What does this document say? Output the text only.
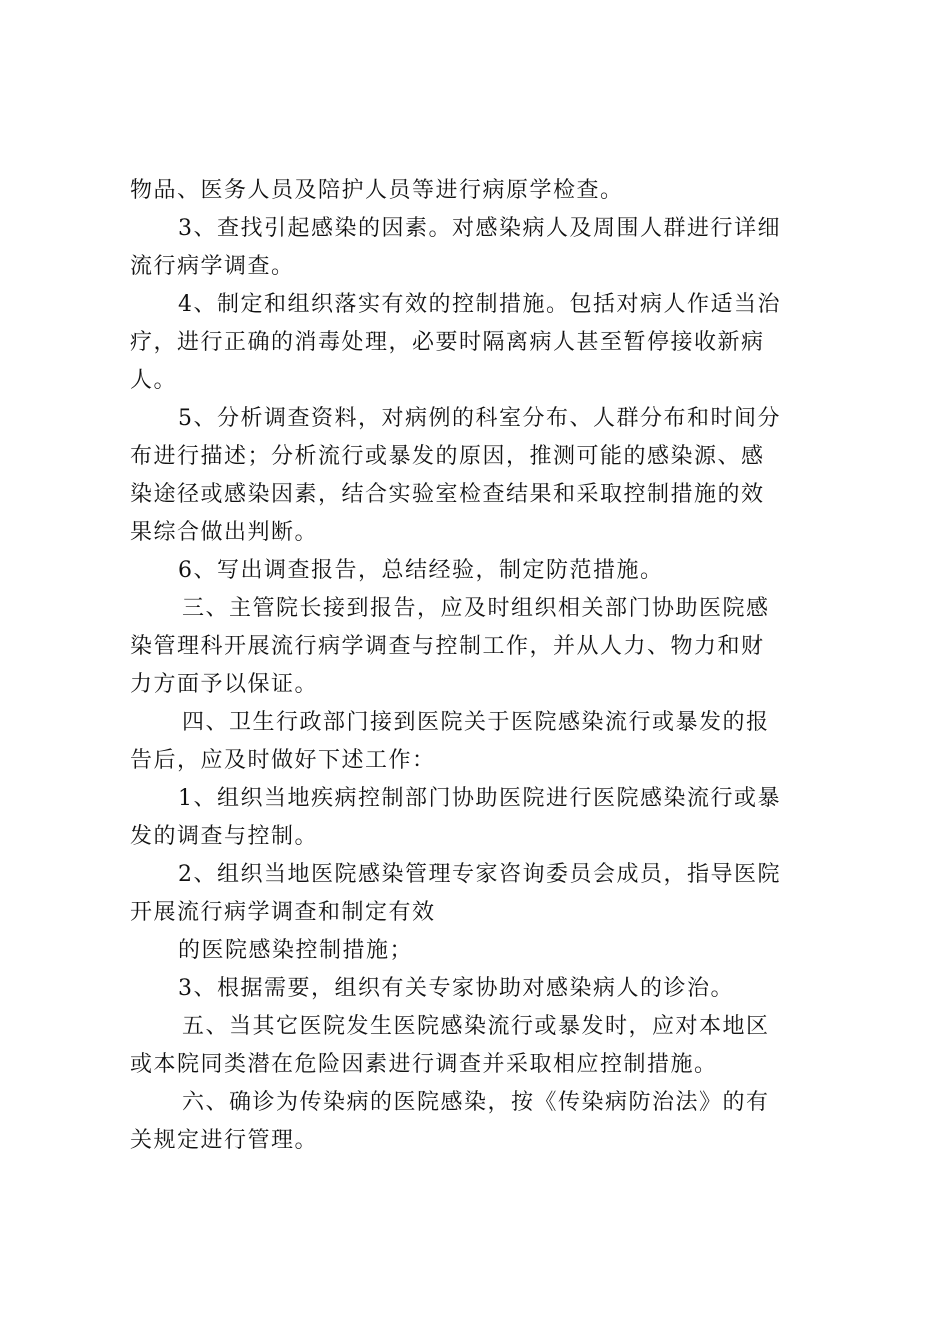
物品、医务人员及陪护人员等进行病原学检查。
3、查找引起感染的因素。对感染病人及周围人群进行详细
流行病学调查。
4、制定和组织落实有效的控制措施。包括对病人作适当治
疗，进行正确的消毒处理，必要时隔离病人甚至暂停接收新病
人。
5、分析调查资料，对病例的科室分布、人群分布和时间分
布进行描述；分析流行或暴发的原因，推测可能的感染源、感
染途径或感染因素，结合实验室检查结果和采取控制措施的效
果综合做出判断。
6、写出调查报告，总结经验，制定防范措施。
三、主管院长接到报告，应及时组织相关部门协助医院感
染管理科开展流行病学调查与控制工作，并从人力、物力和财
力方面予以保证。
四、卫生行政部门接到医院关于医院感染流行或暴发的报
告后，应及时做好下述工作：
1、组织当地疾病控制部门协助医院进行医院感染流行或暴
发的调查与控制。
2、组织当地医院感染管理专家咨询委员会成员，指导医院
开展流行病学调查和制定有效
的医院感染控制措施；
3、根据需要，组织有关专家协助对感染病人的诊治。
五、当其它医院发生医院感染流行或暴发时，应对本地区
或本院同类潜在危险因素进行调查并采取相应控制措施。
六、确诊为传染病的医院感染，按《传染病防治法》的有
关规定进行管理。
